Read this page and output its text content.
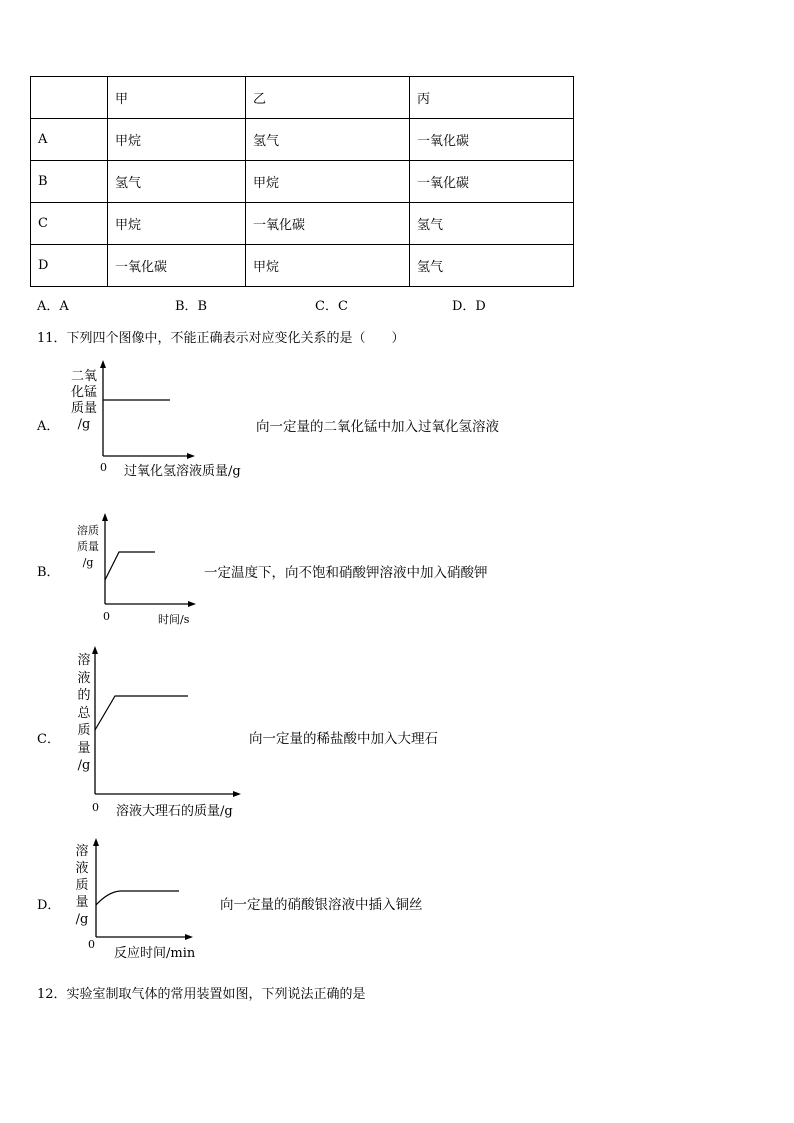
	甲	乙	丙
A	甲烷	氢气	一氧化碳
B	氢气	甲烷	一氧化碳
C	甲烷	一氧化碳	氢气
D	一氧化碳	甲烷	氢气
A．A	B．B	C．C	D．D
11．下列四个图像中，不能正确表示对应变化关系的是（　　）
A．
二氧
化锰
质量
/g
0 过氧化氢溶液质量/g
向一定量的二氧化锰中加入过氧化氢溶液
B．
溶质
质量
/g
0	时间/s
一定温度下，向不饱和硝酸钾溶液中加入硝酸钾
C．
溶
液
的
总
质
量
/g
0 溶液大理石的质量/g
向一定量的稀盐酸中加入大理石
D．
溶
液
质
量
/g
0
反应时间/min
向一定量的硝酸银溶液中插入铜丝
12．实验室制取气体的常用装置如图，下列说法正确的是
